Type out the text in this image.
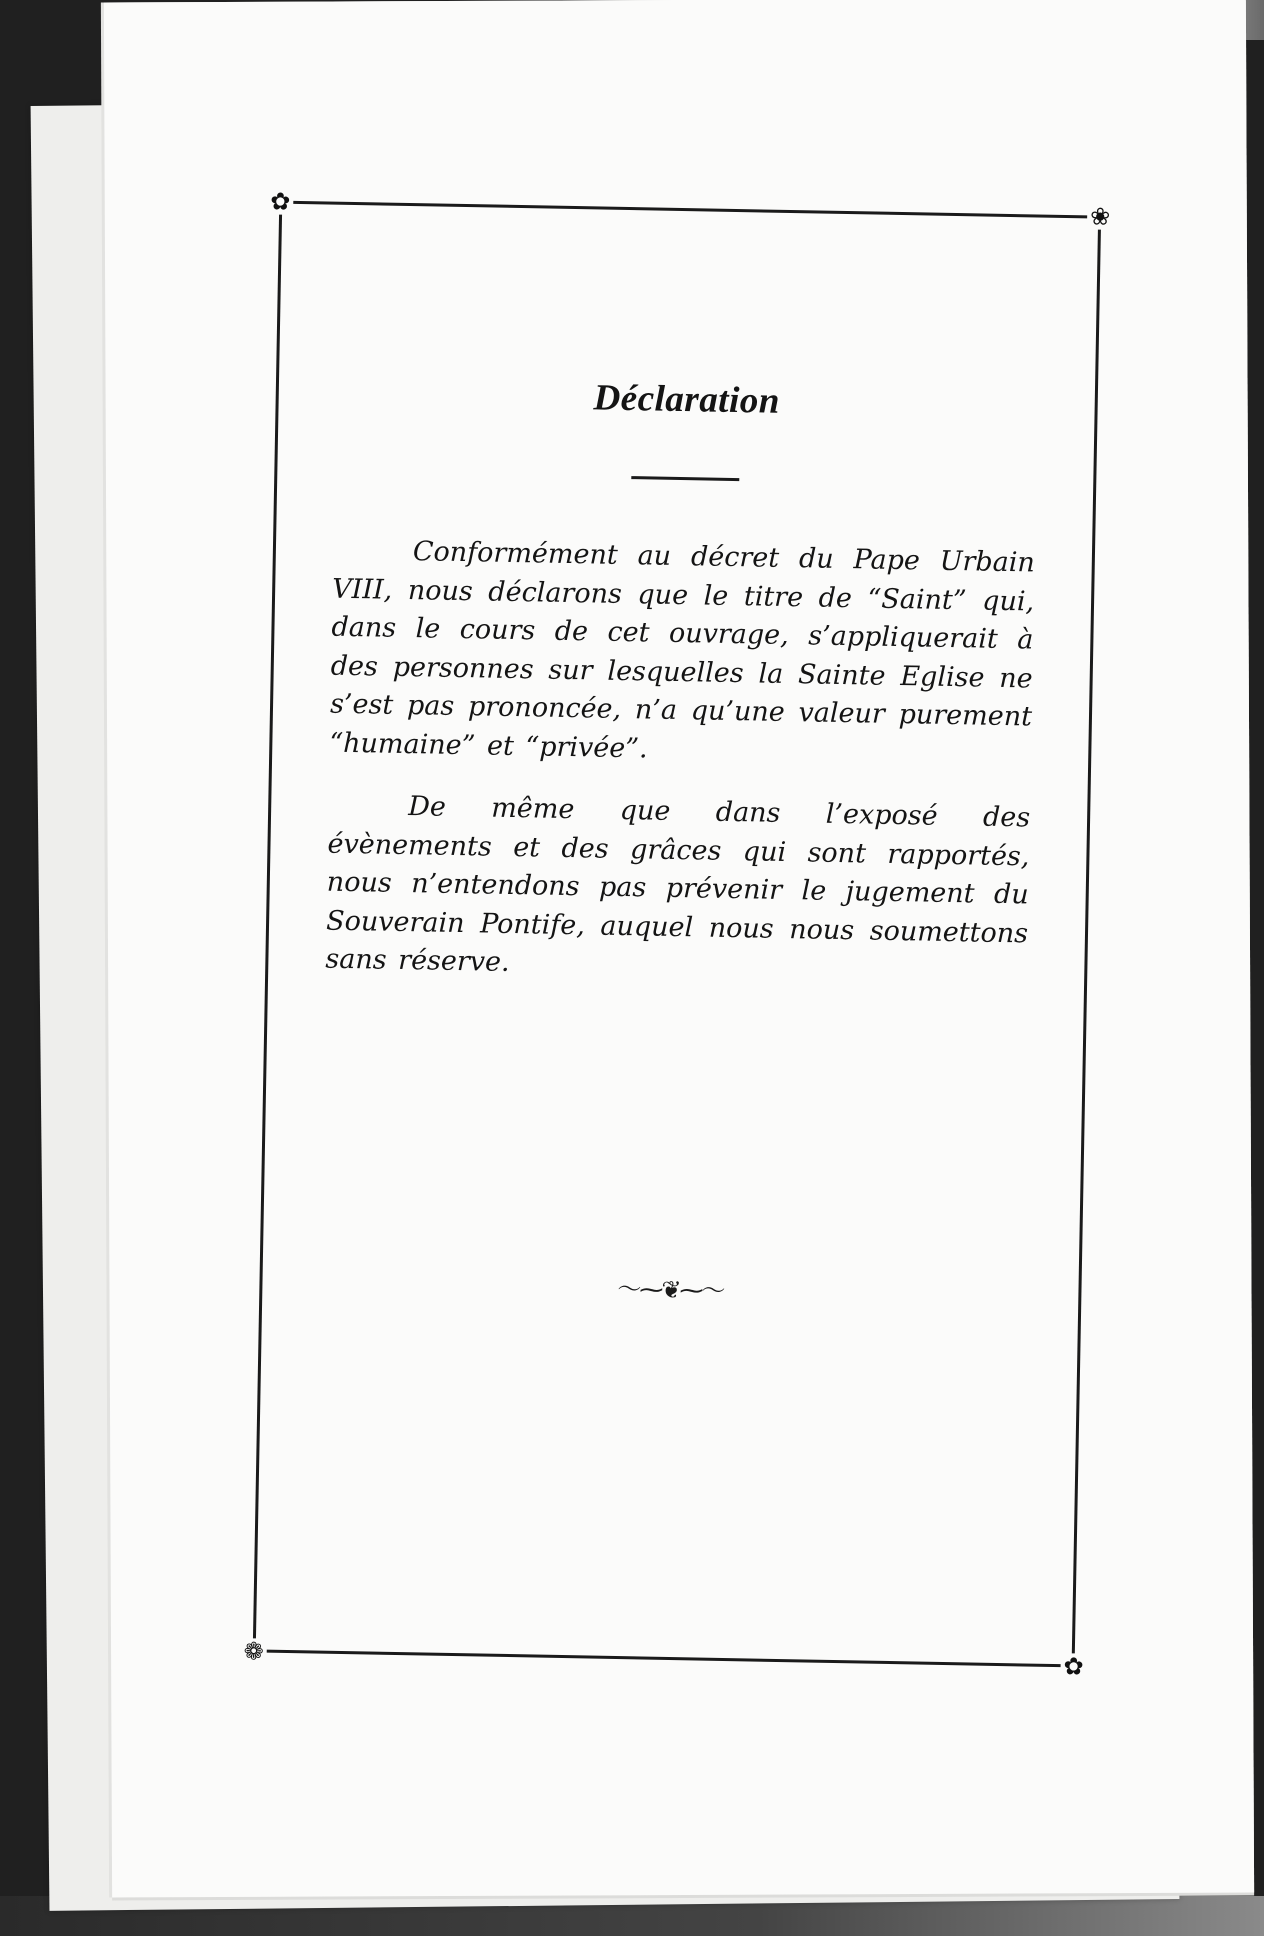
✿
❀
❁
✿
Déclaration

Conformément au décret du Pape Urbain VIII, nous déclarons que le titre de “Saint” qui, dans le cours de cet ouvrage, s’appliquerait à des personnes sur lesquelles la Sainte Eglise ne s’est pas prononcée, n’a qu’une valeur purement “humaine” et “privée”.

De même que dans l’exposé des évènements et des grâces qui sont rapportés, nous n’entendons pas prévenir le jugement du Souverain Pontife, auquel nous nous soumettons sans réserve.

～⁓❦⁓～
